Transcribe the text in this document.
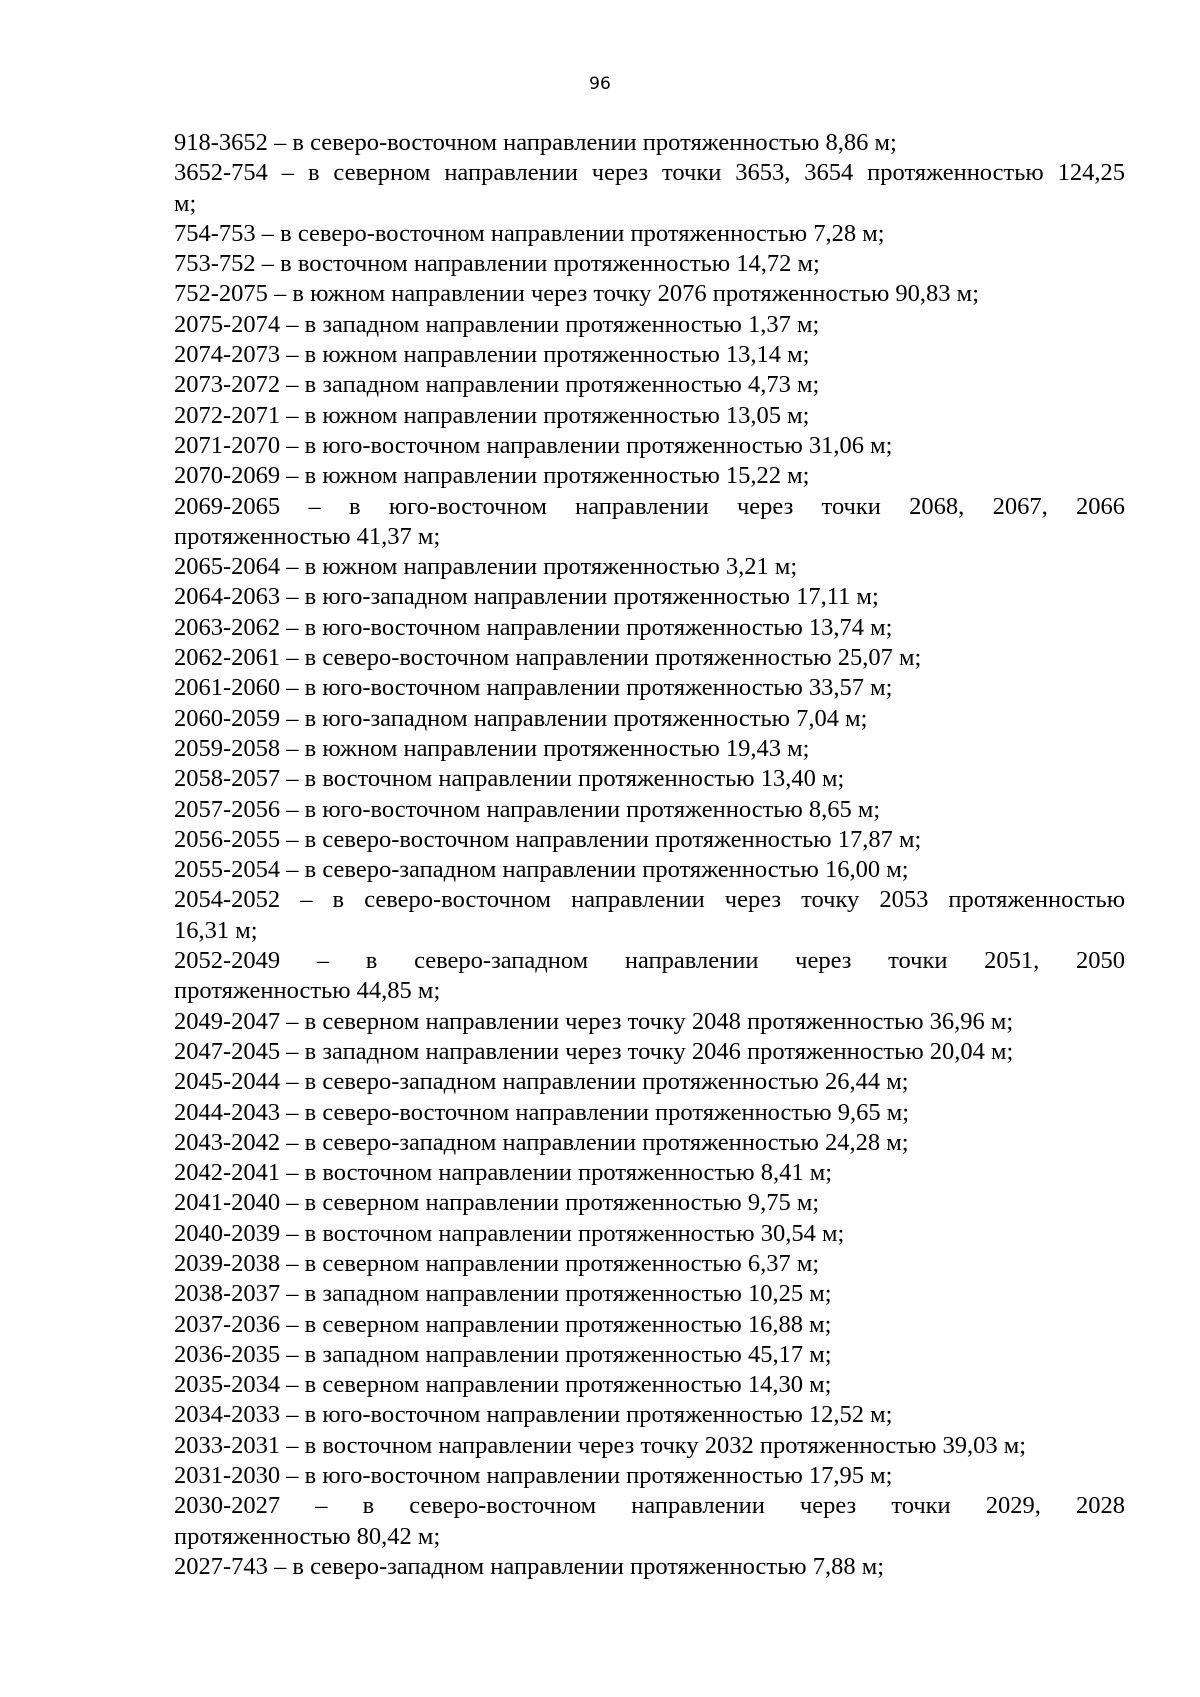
96
918-3652 – в северо-восточном направлении протяженностью 8,86 м;
3652-754 – в северном направлении через точки 3653, 3654 протяженностью 124,25
м;
754-753 – в северо-восточном направлении протяженностью 7,28 м;
753-752 – в восточном направлении протяженностью 14,72 м;
752-2075 – в южном направлении через точку 2076 протяженностью 90,83 м;
2075-2074 – в западном направлении протяженностью 1,37 м;
2074-2073 – в южном направлении протяженностью 13,14 м;
2073-2072 – в западном направлении протяженностью 4,73 м;
2072-2071 – в южном направлении протяженностью 13,05 м;
2071-2070 – в юго-восточном направлении протяженностью 31,06 м;
2070-2069 – в южном направлении протяженностью 15,22 м;
2069-2065 – в юго-восточном направлении через точки 2068, 2067, 2066
протяженностью 41,37 м;
2065-2064 – в южном направлении протяженностью 3,21 м;
2064-2063 – в юго-западном направлении протяженностью 17,11 м;
2063-2062 – в юго-восточном направлении протяженностью 13,74 м;
2062-2061 – в северо-восточном направлении протяженностью 25,07 м;
2061-2060 – в юго-восточном направлении протяженностью 33,57 м;
2060-2059 – в юго-западном направлении протяженностью 7,04 м;
2059-2058 – в южном направлении протяженностью 19,43 м;
2058-2057 – в восточном направлении протяженностью 13,40 м;
2057-2056 – в юго-восточном направлении протяженностью 8,65 м;
2056-2055 – в северо-восточном направлении протяженностью 17,87 м;
2055-2054 – в северо-западном направлении протяженностью 16,00 м;
2054-2052 – в северо-восточном направлении через точку 2053 протяженностью
16,31 м;
2052-2049 – в северо-западном направлении через точки 2051, 2050
протяженностью 44,85 м;
2049-2047 – в северном направлении через точку 2048 протяженностью 36,96 м;
2047-2045 – в западном направлении через точку 2046 протяженностью 20,04 м;
2045-2044 – в северо-западном направлении протяженностью 26,44 м;
2044-2043 – в северо-восточном направлении протяженностью 9,65 м;
2043-2042 – в северо-западном направлении протяженностью 24,28 м;
2042-2041 – в восточном направлении протяженностью 8,41 м;
2041-2040 – в северном направлении протяженностью 9,75 м;
2040-2039 – в восточном направлении протяженностью 30,54 м;
2039-2038 – в северном направлении протяженностью 6,37 м;
2038-2037 – в западном направлении протяженностью 10,25 м;
2037-2036 – в северном направлении протяженностью 16,88 м;
2036-2035 – в западном направлении протяженностью 45,17 м;
2035-2034 – в северном направлении протяженностью 14,30 м;
2034-2033 – в юго-восточном направлении протяженностью 12,52 м;
2033-2031 – в восточном направлении через точку 2032 протяженностью 39,03 м;
2031-2030 – в юго-восточном направлении протяженностью 17,95 м;
2030-2027 – в северо-восточном направлении через точки 2029, 2028
протяженностью 80,42 м;
2027-743 – в северо-западном направлении протяженностью 7,88 м;
